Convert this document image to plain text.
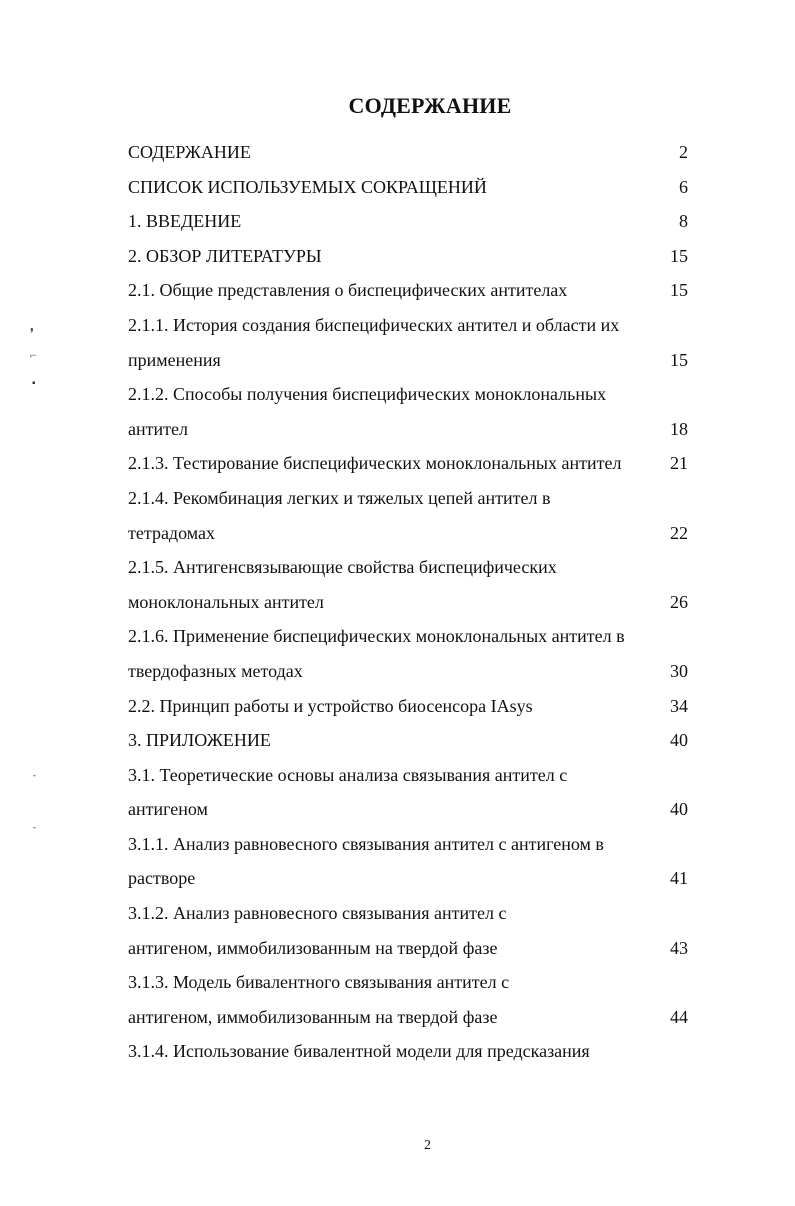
СОДЕРЖАНИЕ
СОДЕРЖАНИЕ	2
СПИСОК ИСПОЛЬЗУЕМЫХ СОКРАЩЕНИЙ	6
1. ВВЕДЕНИЕ	8
2. ОБЗОР ЛИТЕРАТУРЫ	15
2.1. Общие представления о биспецифических антителах	15
2.1.1. История создания биспецифических антител и области их
применения	15
2.1.2. Способы получения биспецифических моноклональных
антител	18
2.1.3. Тестирование биспецифических моноклональных антител	21
2.1.4. Рекомбинация легких и тяжелых цепей антител в
тетрадомах	22
2.1.5. Антигенсвязывающие свойства биспецифических
моноклональных антител	26
2.1.6. Применение биспецифических моноклональных антител в
твердофазных методах	30
2.2. Принцип работы и устройство биосенсора IAsys	34
3. ПРИЛОЖЕНИЕ	40
3.1. Теоретические основы анализа связывания антител с
антигеном	40
3.1.1. Анализ равновесного связывания антител с антигеном в
растворе	41
3.1.2. Анализ равновесного связывания антител с
антигеном, иммобилизованным на твердой фазе	43
3.1.3. Модель бивалентного связывания антител с
антигеном, иммобилизованным на твердой фазе	44
3.1.4. Использование бивалентной модели для предсказания
2
❜
⌐
▪
-
-
